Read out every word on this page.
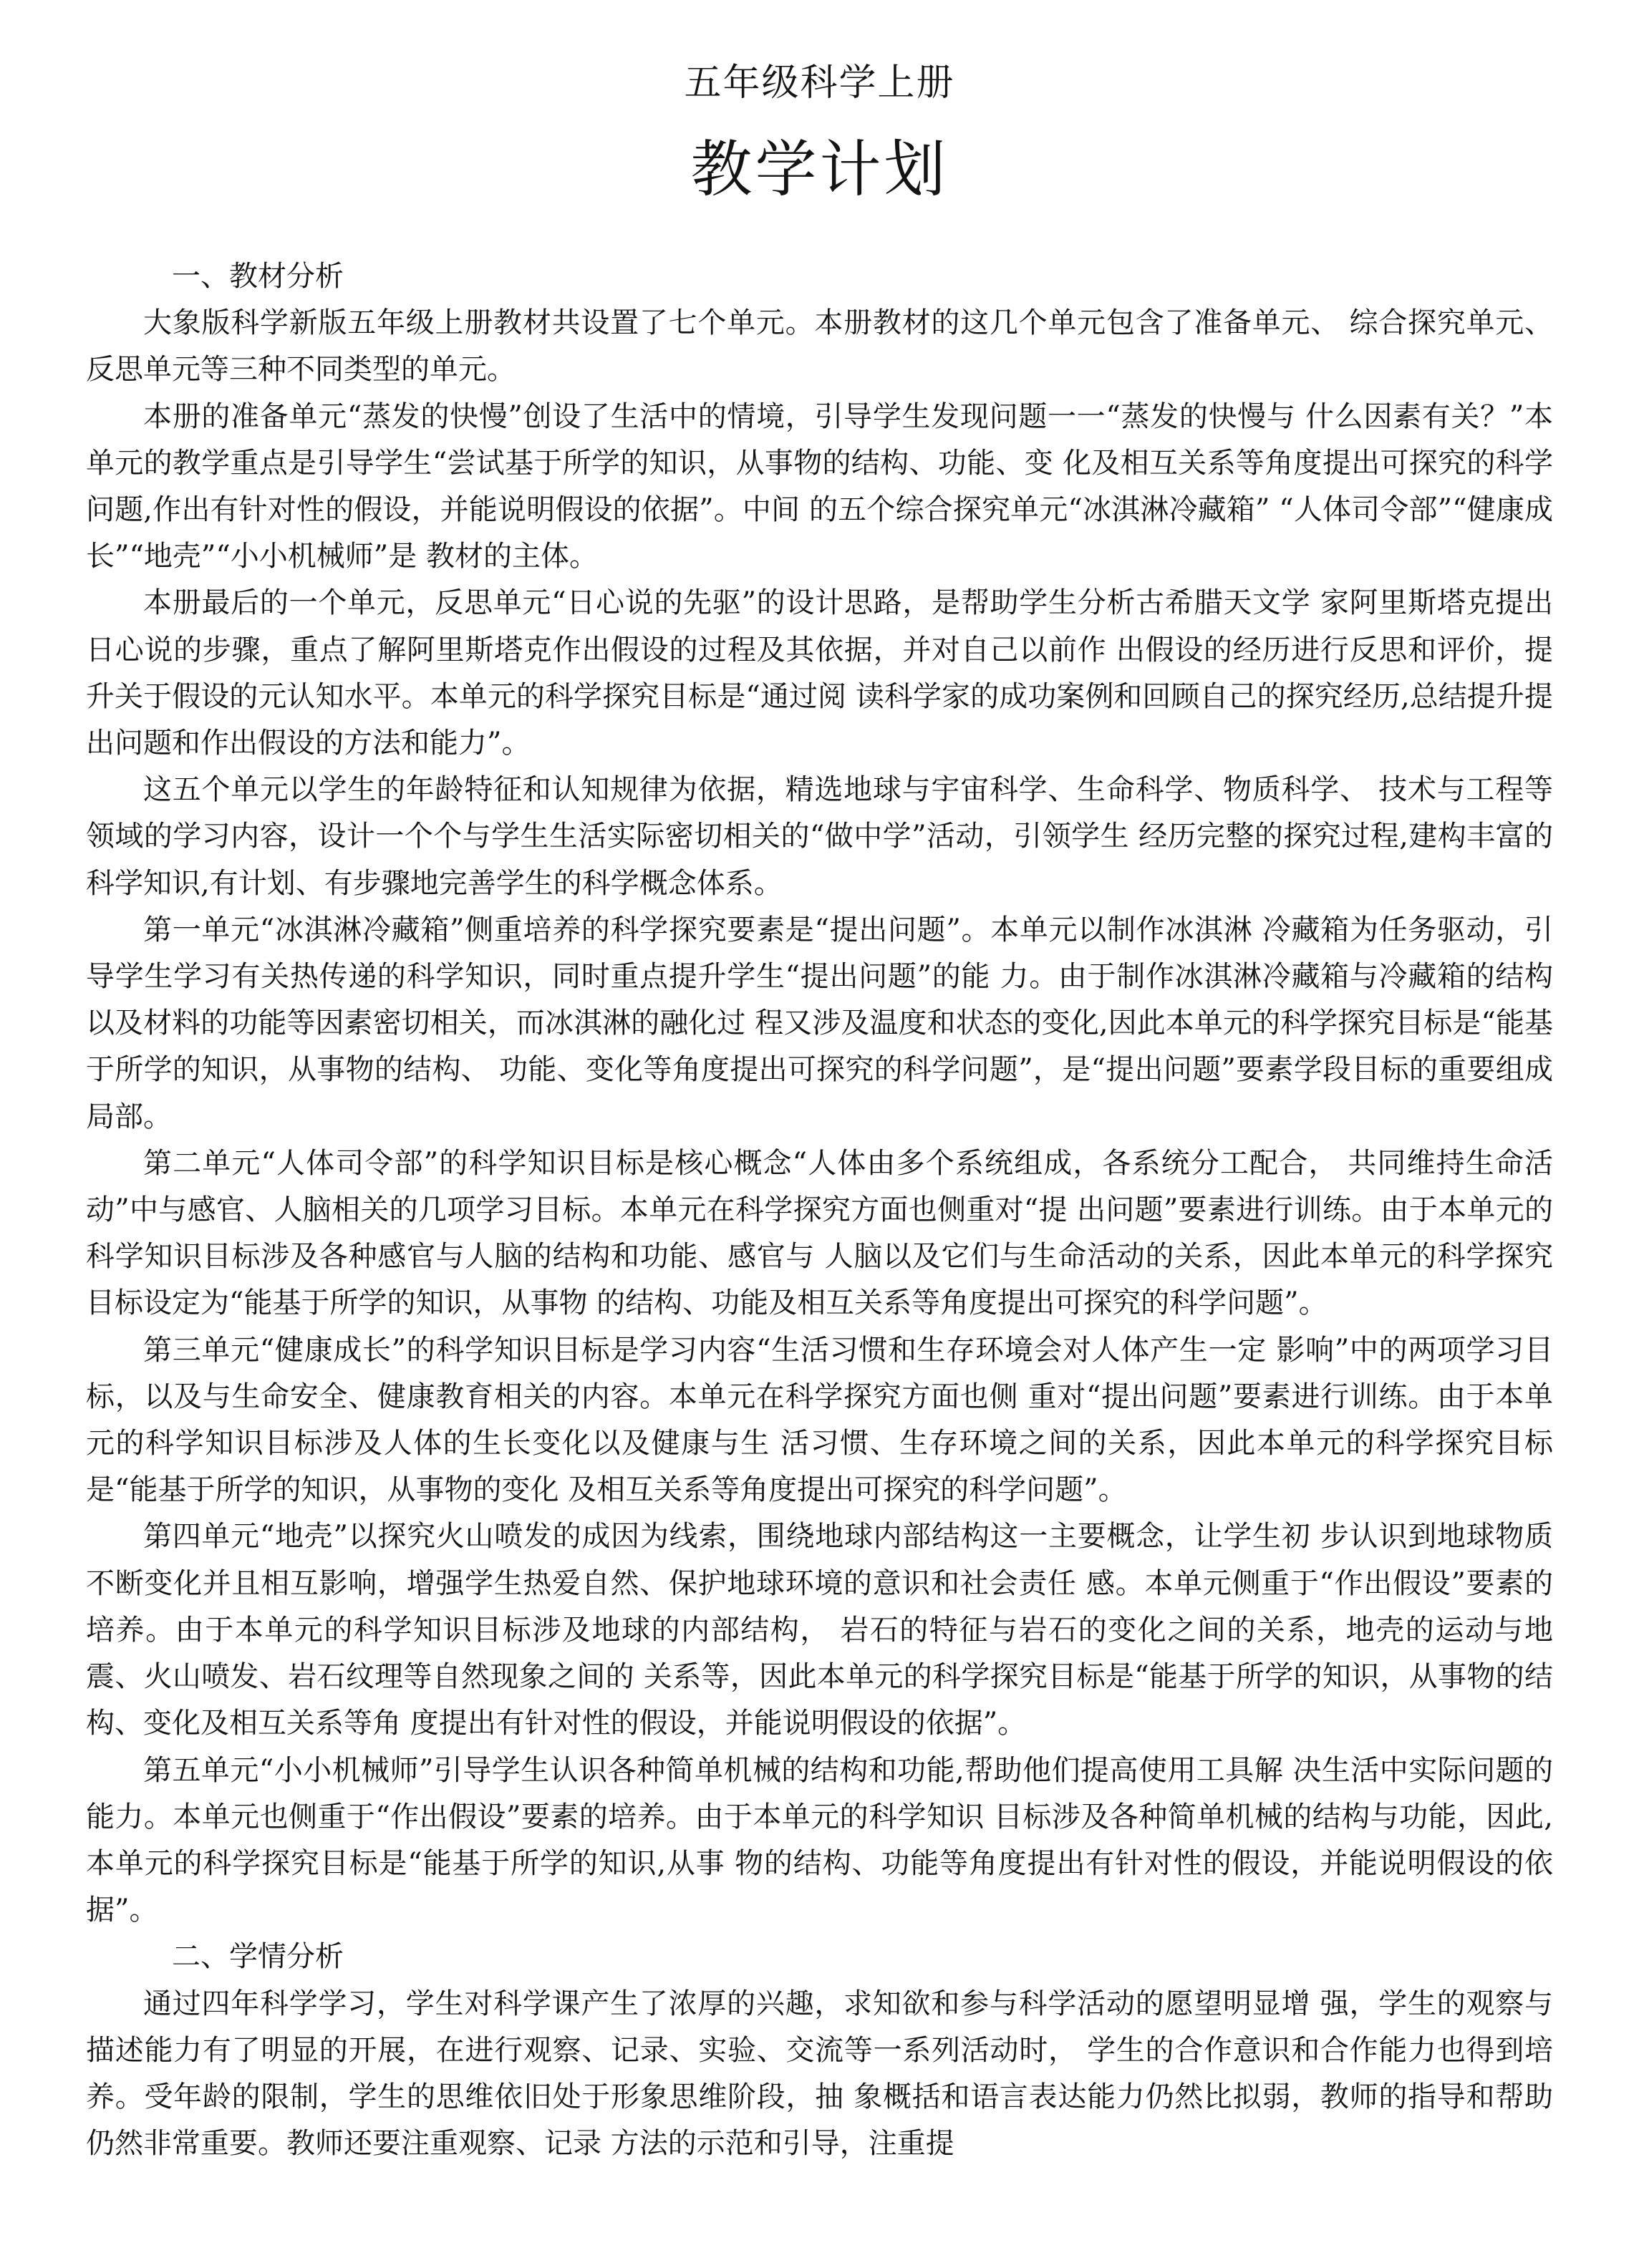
五年级科学上册
教学计划

一、教材分析

大象版科学新版五年级上册教材共设置了七个单元。本册教材的这几个单元包含了准备单元、 综合探究单元、反思单元等三种不同类型的单元。

本册的准备单元“蒸发的快慢”创设了生活中的情境，引导学生发现问题一一“蒸发的快慢与 什么因素有关？”本单元的教学重点是引导学生“尝试基于所学的知识，从事物的结构、功能、变 化及相互关系等角度提出可探究的科学问题,作出有针对性的假设，并能说明假设的依据”。中间 的五个综合探究单元“冰淇淋冷藏箱” “人体司令部”“健康成长”“地壳”“小小机械师”是 教材的主体。

本册最后的一个单元，反思单元“日心说的先驱”的设计思路，是帮助学生分析古希腊天文学 家阿里斯塔克提出日心说的步骤，重点了解阿里斯塔克作出假设的过程及其依据，并对自己以前作 出假设的经历进行反思和评价，提升关于假设的元认知水平。本单元的科学探究目标是“通过阅 读科学家的成功案例和回顾自己的探究经历,总结提升提出问题和作出假设的方法和能力”。

这五个单元以学生的年龄特征和认知规律为依据，精选地球与宇宙科学、生命科学、物质科学、 技术与工程等领域的学习内容，设计一个个与学生生活实际密切相关的“做中学”活动，引领学生 经历完整的探究过程,建构丰富的科学知识,有计划、有步骤地完善学生的科学概念体系。

第一单元“冰淇淋冷藏箱”侧重培养的科学探究要素是“提出问题”。本单元以制作冰淇淋 冷藏箱为任务驱动，引导学生学习有关热传递的科学知识，同时重点提升学生“提出问题”的能 力。由于制作冰淇淋冷藏箱与冷藏箱的结构以及材料的功能等因素密切相关，而冰淇淋的融化过 程又涉及温度和状态的变化,因此本单元的科学探究目标是“能基于所学的知识，从事物的结构、 功能、变化等角度提出可探究的科学问题”，是“提出问题”要素学段目标的重要组成局部。

第二单元“人体司令部”的科学知识目标是核心概念“人体由多个系统组成，各系统分工配合， 共同维持生命活动”中与感官、人脑相关的几项学习目标。本单元在科学探究方面也侧重对“提 出问题”要素进行训练。由于本单元的科学知识目标涉及各种感官与人脑的结构和功能、感官与 人脑以及它们与生命活动的关系，因此本单元的科学探究目标设定为“能基于所学的知识，从事物 的结构、功能及相互关系等角度提出可探究的科学问题”。

第三单元“健康成长”的科学知识目标是学习内容“生活习惯和生存环境会对人体产生一定 影响”中的两项学习目标，以及与生命安全、健康教育相关的内容。本单元在科学探究方面也侧 重对“提出问题”要素进行训练。由于本单元的科学知识目标涉及人体的生长变化以及健康与生 活习惯、生存环境之间的关系，因此本单元的科学探究目标是“能基于所学的知识，从事物的变化 及相互关系等角度提出可探究的科学问题”。

第四单元“地壳”以探究火山喷发的成因为线索，围绕地球内部结构这一主要概念，让学生初 步认识到地球物质不断变化并且相互影响，增强学生热爱自然、保护地球环境的意识和社会责任 感。本单元侧重于“作出假设”要素的培养。由于本单元的科学知识目标涉及地球的内部结构， 岩石的特征与岩石的变化之间的关系，地壳的运动与地震、火山喷发、岩石纹理等自然现象之间的 关系等，因此本单元的科学探究目标是“能基于所学的知识，从事物的结构、变化及相互关系等角 度提出有针对性的假设，并能说明假设的依据”。

第五单元“小小机械师”引导学生认识各种简单机械的结构和功能,帮助他们提高使用工具解 决生活中实际问题的能力。本单元也侧重于“作出假设”要素的培养。由于本单元的科学知识 目标涉及各种简单机械的结构与功能，因此,本单元的科学探究目标是“能基于所学的知识,从事 物的结构、功能等角度提出有针对性的假设，并能说明假设的依据”。

二、学情分析

通过四年科学学习，学生对科学课产生了浓厚的兴趣，求知欲和参与科学活动的愿望明显增 强，学生的观察与描述能力有了明显的开展，在进行观察、记录、实验、交流等一系列活动时， 学生的合作意识和合作能力也得到培养。受年龄的限制，学生的思维依旧处于形象思维阶段，抽 象概括和语言表达能力仍然比拟弱，教师的指导和帮助仍然非常重要。教师还要注重观察、记录 方法的示范和引导，注重提
